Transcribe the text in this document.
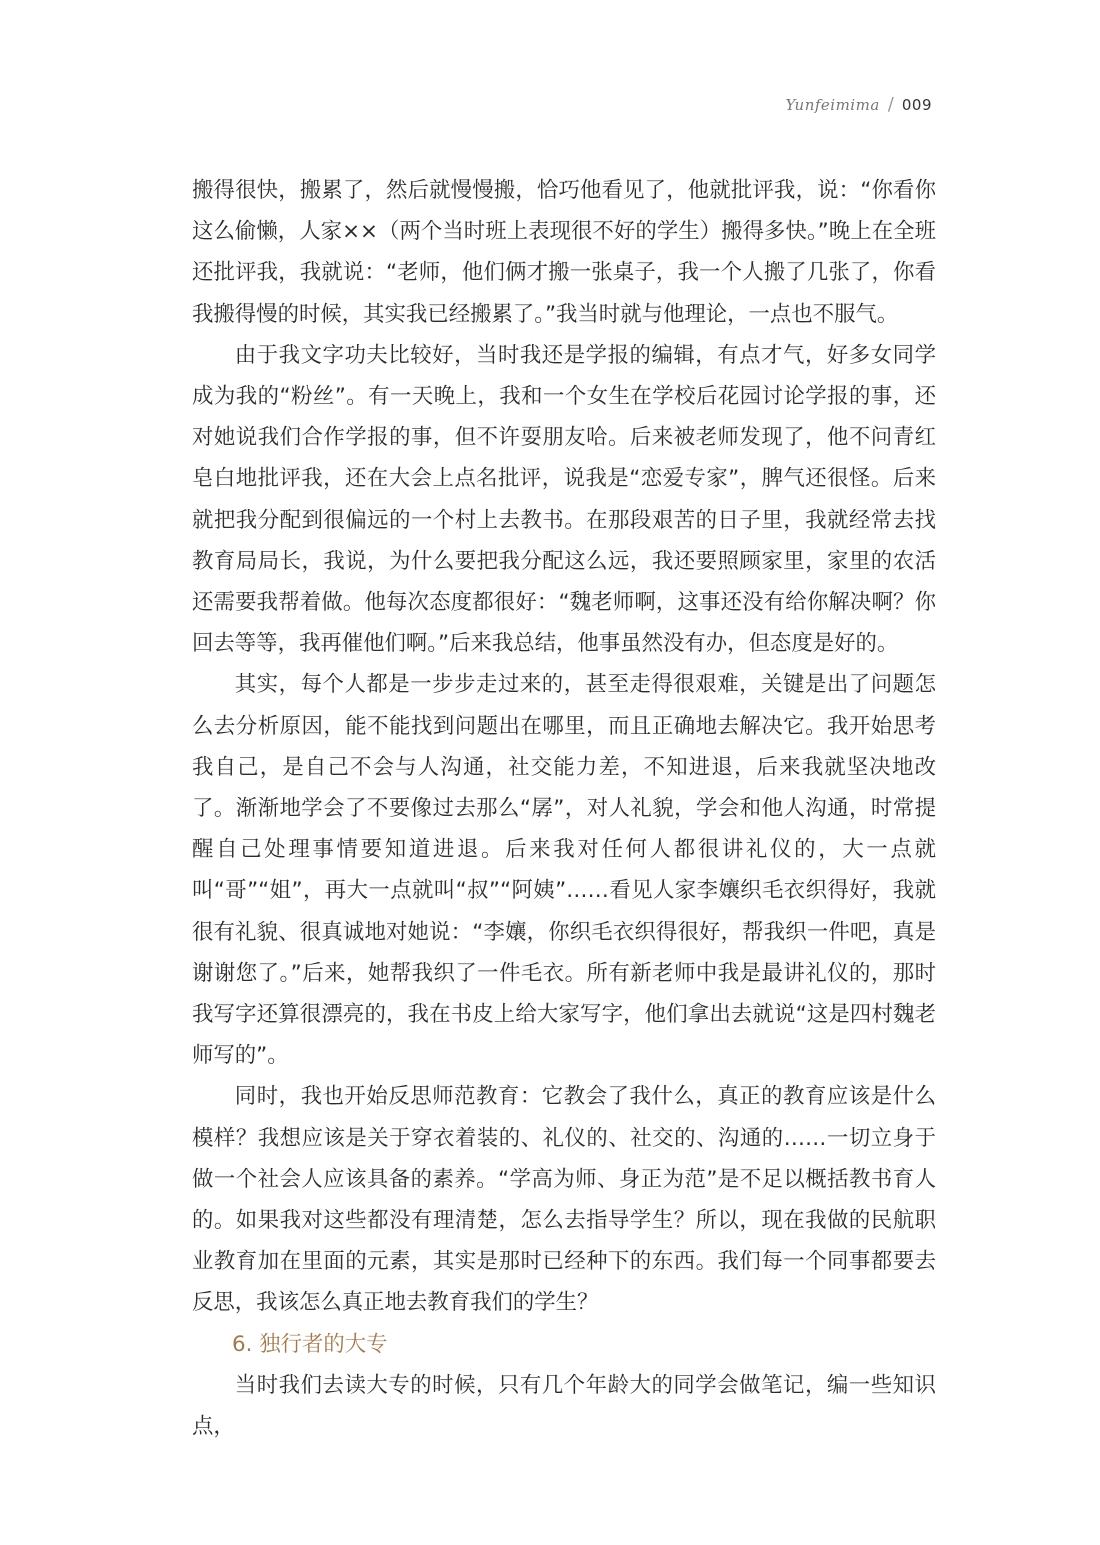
Yunfeimima / 009

搬得很快，搬累了，然后就慢慢搬，恰巧他看见了，他就批评我，说：“你看你这么偷懒，人家××（两个当时班上表现很不好的学生）搬得多快。”晚上在全班还批评我，我就说：“老师，他们俩才搬一张桌子，我一个人搬了几张了，你看我搬得慢的时候，其实我已经搬累了。”我当时就与他理论，一点也不服气。

由于我文字功夫比较好，当时我还是学报的编辑，有点才气，好多女同学成为我的“粉丝”。有一天晚上，我和一个女生在学校后花园讨论学报的事，还对她说我们合作学报的事，但不许耍朋友哈。后来被老师发现了，他不问青红皂白地批评我，还在大会上点名批评，说我是“恋爱专家”，脾气还很怪。后来就把我分配到很偏远的一个村上去教书。在那段艰苦的日子里，我就经常去找教育局局长，我说，为什么要把我分配这么远，我还要照顾家里，家里的农活还需要我帮着做。他每次态度都很好：“魏老师啊，这事还没有给你解决啊？你回去等等，我再催他们啊。”后来我总结，他事虽然没有办，但态度是好的。

其实，每个人都是一步步走过来的，甚至走得很艰难，关键是出了问题怎么去分析原因，能不能找到问题出在哪里，而且正确地去解决它。我开始思考我自己，是自己不会与人沟通，社交能力差，不知进退，后来我就坚决地改了。渐渐地学会了不要像过去那么“孱”，对人礼貌，学会和他人沟通，时常提醒自己处理事情要知道进退。后来我对任何人都很讲礼仪的，大一点就叫“哥”“姐”，再大一点就叫“叔”“阿姨”……看见人家李孃织毛衣织得好，我就很有礼貌、很真诚地对她说：“李孃，你织毛衣织得很好，帮我织一件吧，真是谢谢您了。”后来，她帮我织了一件毛衣。所有新老师中我是最讲礼仪的，那时我写字还算很漂亮的，我在书皮上给大家写字，他们拿出去就说“这是四村魏老师写的”。

同时，我也开始反思师范教育：它教会了我什么，真正的教育应该是什么模样？我想应该是关于穿衣着装的、礼仪的、社交的、沟通的……一切立身于做一个社会人应该具备的素养。“学高为师、身正为范”是不足以概括教书育人的。如果我对这些都没有理清楚，怎么去指导学生？所以，现在我做的民航职业教育加在里面的元素，其实是那时已经种下的东西。我们每一个同事都要去反思，我该怎么真正地去教育我们的学生？

6. 独行者的大专

当时我们去读大专的时候，只有几个年龄大的同学会做笔记，编一些知识点，
